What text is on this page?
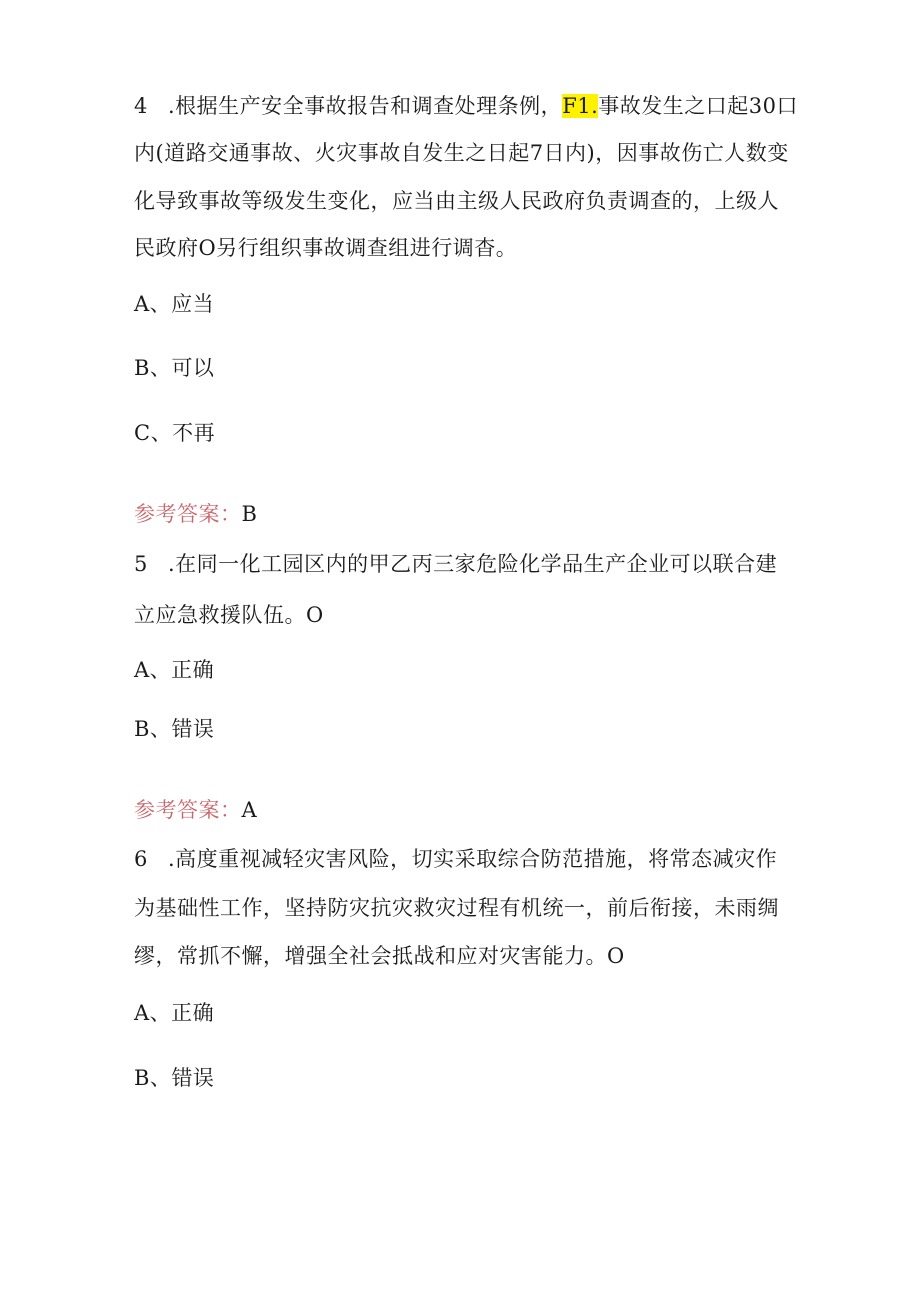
4 .根据生产安全事故报告和调查处理条例，F1.事故发生之口起30口
内(道路交通事故、火灾事故自发生之日起7日内)，因事故伤亡人数变
化导致事故等级发生变化，应当由主级人民政府负责调查的，上级人
民政府O另行组织事故调查组进行调杳。
A、应当
B、可以
C、不再
参考答案：B
5 .在同一化工园区内的甲乙丙三家危险化学品生产企业可以联合建
立应急救援队伍。O
A、正确
B、错误
参考答案：A
6 .高度重视减轻灾害风险，切实采取综合防范措施，将常态减灾作
为基础性工作，坚持防灾抗灾救灾过程有机统一，前后衔接，未雨绸
缪，常抓不懈，增强全社会抵战和应对灾害能力。O
A、正确
B、错误
